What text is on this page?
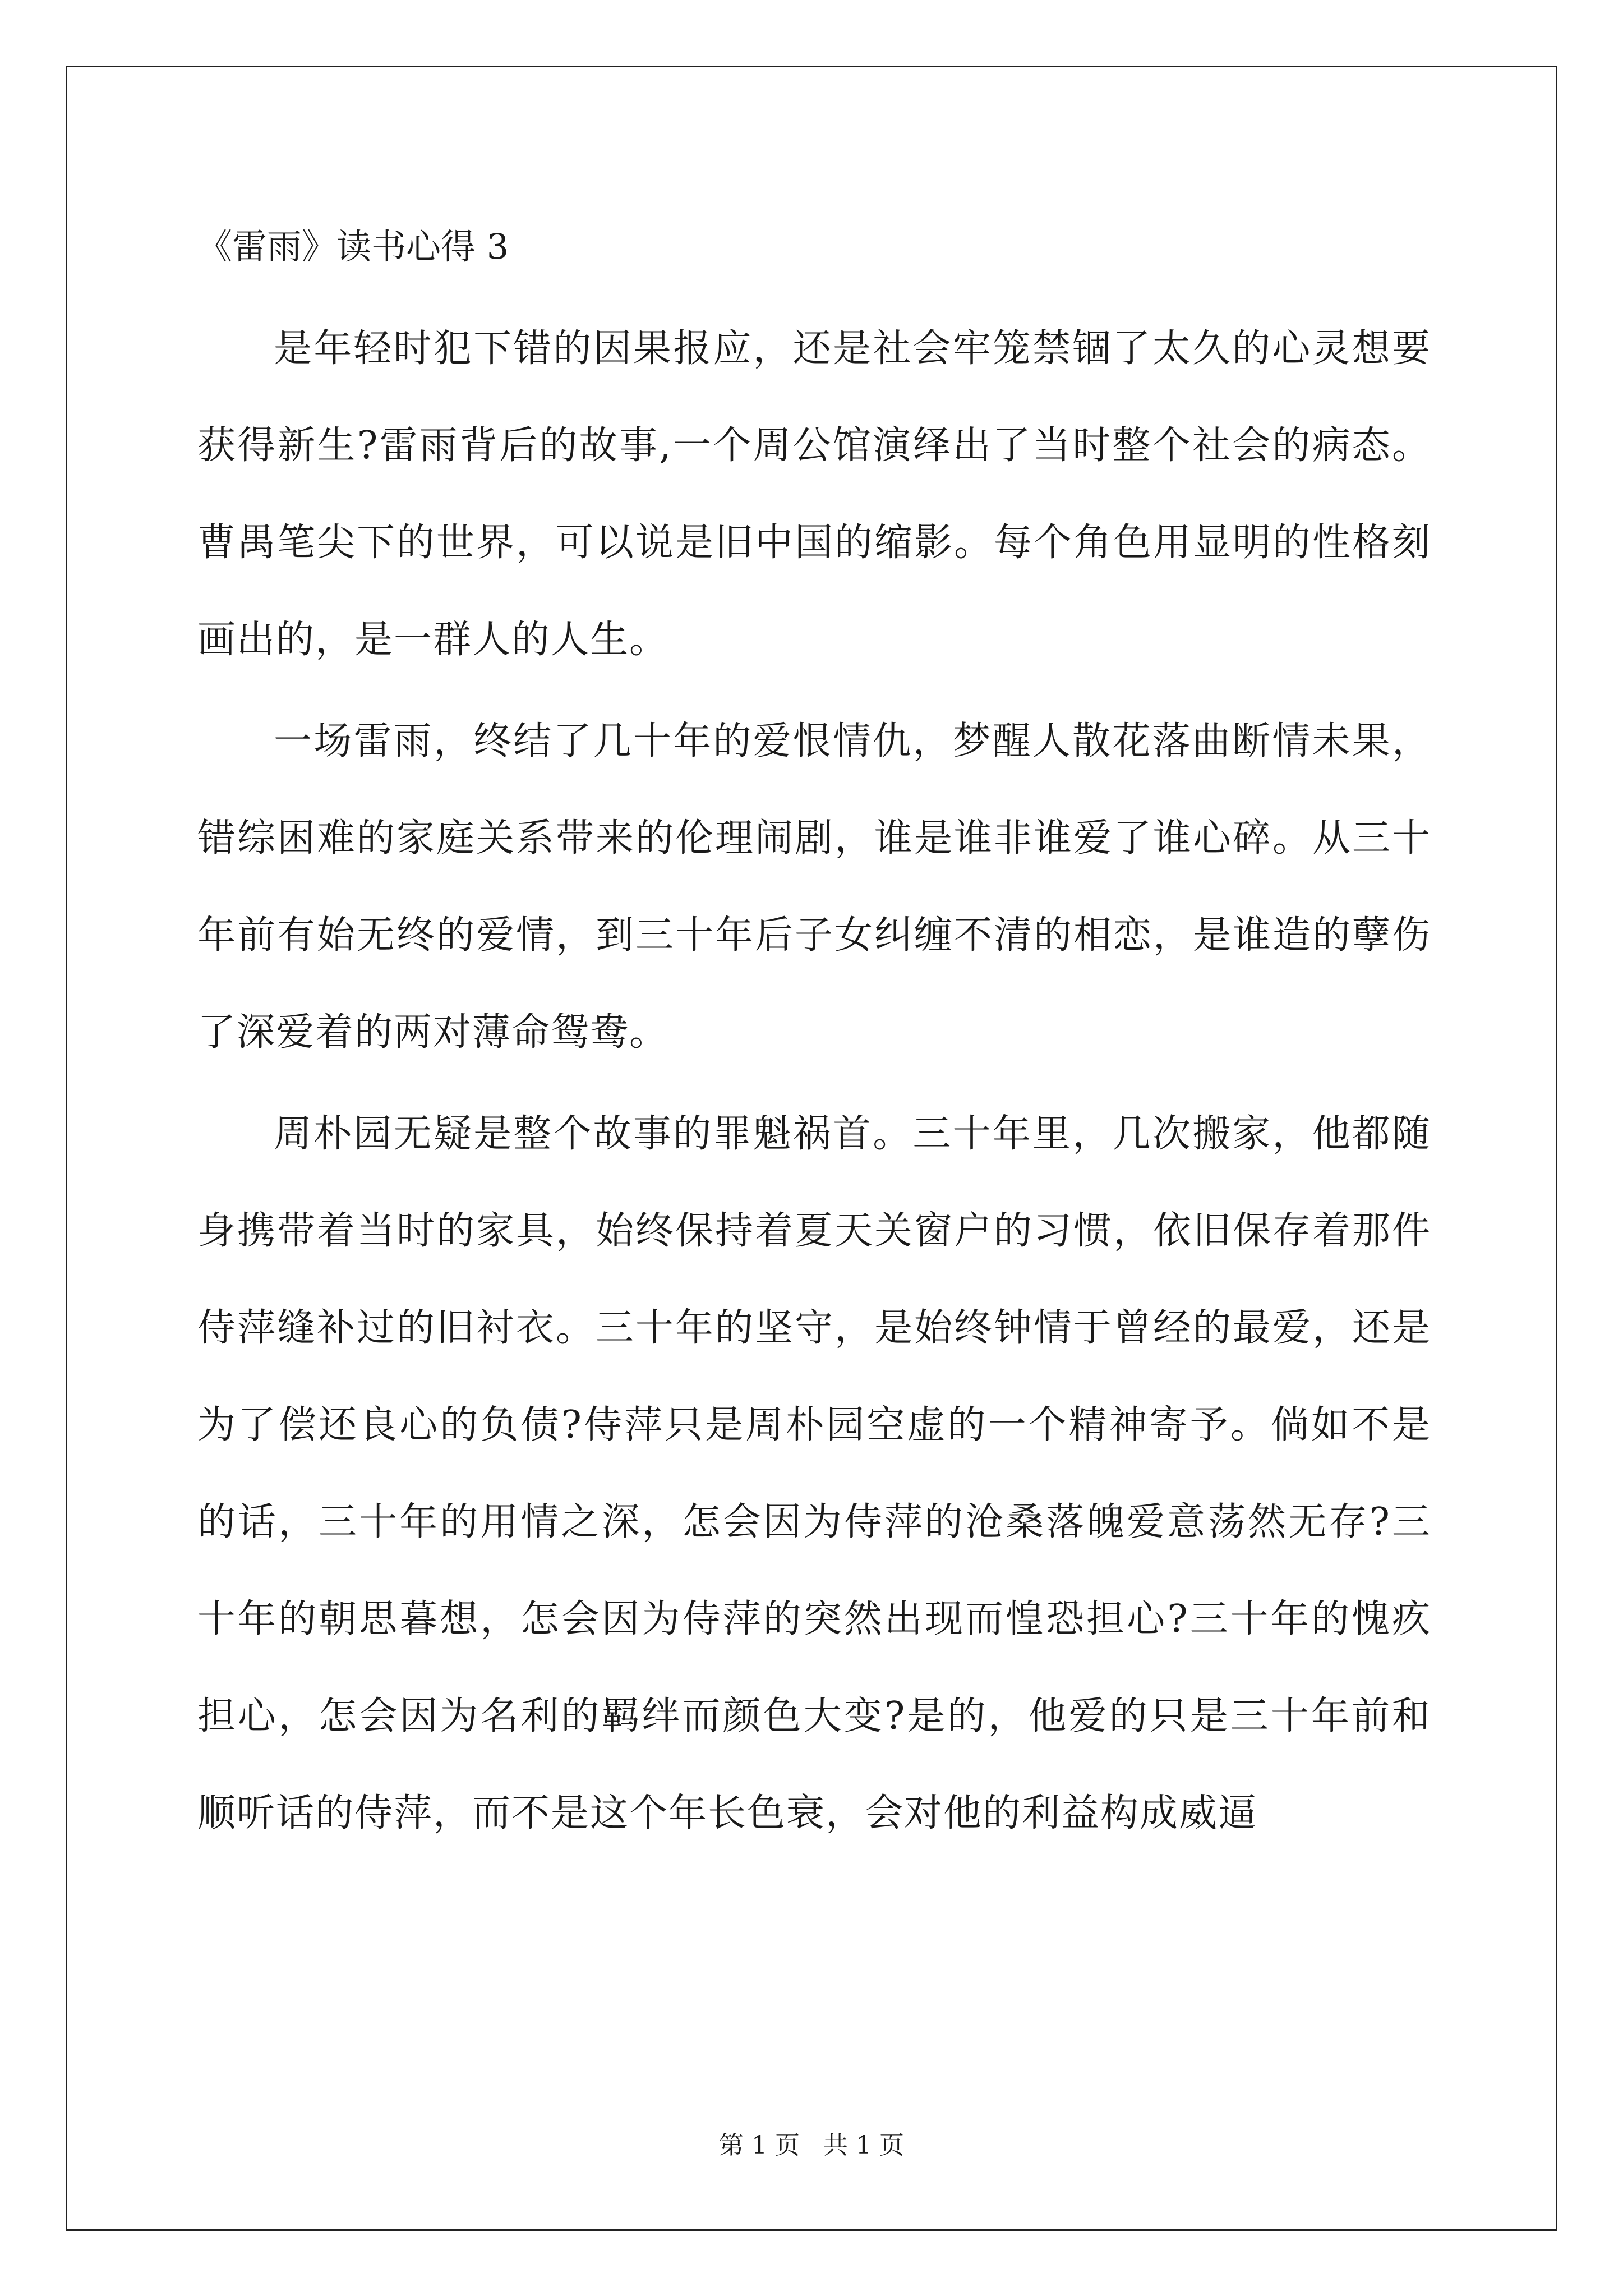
《雷雨》读书心得 3

是年轻时犯下错的因果报应，还是社会牢笼禁锢了太久的心灵想要获得新生?雷雨背后的故事,一个周公馆演绎出了当时整个社会的病态。曹禺笔尖下的世界，可以说是旧中国的缩影。每个角色用显明的性格刻画出的，是一群人的人生。

一场雷雨，终结了几十年的爱恨情仇，梦醒人散花落曲断情未果，错综困难的家庭关系带来的伦理闹剧，谁是谁非谁爱了谁心碎。从三十年前有始无终的爱情，到三十年后子女纠缠不清的相恋，是谁造的孽伤了深爱着的两对薄命鸳鸯。

周朴园无疑是整个故事的罪魁祸首。三十年里，几次搬家，他都随身携带着当时的家具，始终保持着夏天关窗户的习惯，依旧保存着那件侍萍缝补过的旧衬衣。三十年的坚守，是始终钟情于曾经的最爱，还是为了偿还良心的负债?侍萍只是周朴园空虚的一个精神寄予。倘如不是的话，三十年的用情之深，怎会因为侍萍的沧桑落魄爱意荡然无存?三十年的朝思暮想，怎会因为侍萍的突然出现而惶恐担心?三十年的愧疚担心，怎会因为名利的羁绊而颜色大变?是的，他爱的只是三十年前和顺听话的侍萍，而不是这个年长色衰，会对他的利益构成威逼

第 1 页   共 1 页
